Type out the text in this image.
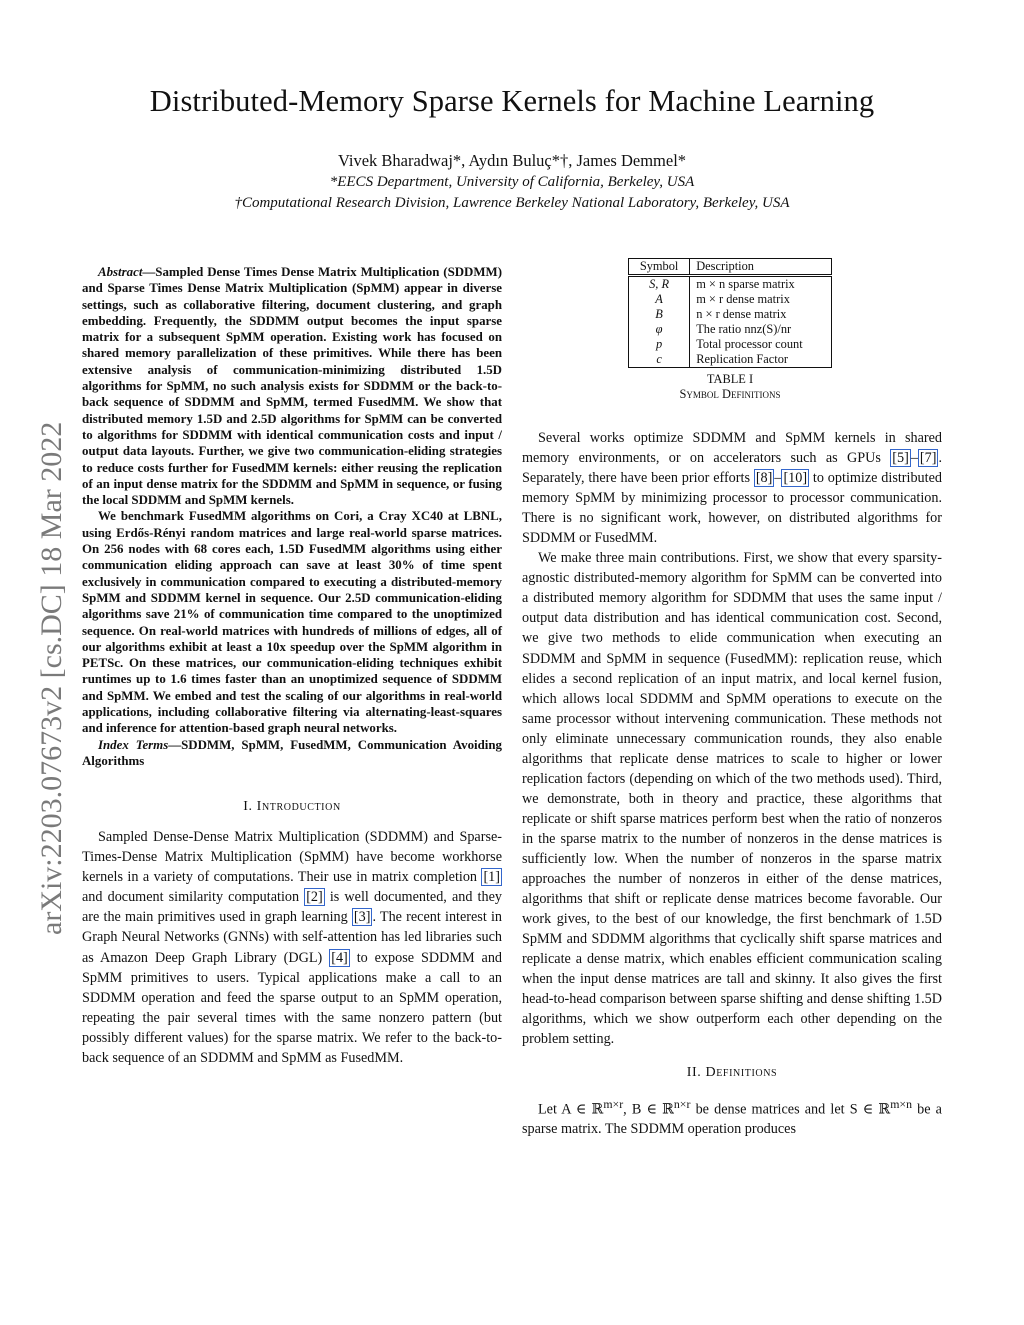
Distributed-Memory Sparse Kernels for Machine Learning
Vivek Bharadwaj*, Aydın Buluç*†, James Demmel*
*EECS Department, University of California, Berkeley, USA
†Computational Research Division, Lawrence Berkeley National Laboratory, Berkeley, USA
arXiv:2203.07673v2 [cs.DC] 18 Mar 2022

Abstract—Sampled Dense Times Dense Matrix Multiplication (SDDMM) and Sparse Times Dense Matrix Multiplication (SpMM) appear in diverse settings, such as collaborative filtering, document clustering, and graph embedding. Frequently, the SDDMM output becomes the input sparse matrix for a subsequent SpMM operation. Existing work has focused on shared memory parallelization of these primitives. While there has been extensive analysis of communication-minimizing distributed 1.5D algorithms for SpMM, no such analysis exists for SDDMM or the back-to-back sequence of SDDMM and SpMM, termed FusedMM. We show that distributed memory 1.5D and 2.5D algorithms for SpMM can be converted to algorithms for SDDMM with identical communication costs and input / output data layouts. Further, we give two communication-eliding strategies to reduce costs further for FusedMM kernels: either reusing the replication of an input dense matrix for the SDDMM and SpMM in sequence, or fusing the local SDDMM and SpMM kernels.

We benchmark FusedMM algorithms on Cori, a Cray XC40 at LBNL, using Erdős-Rényi random matrices and large real-world sparse matrices. On 256 nodes with 68 cores each, 1.5D FusedMM algorithms using either communication eliding approach can save at least 30% of time spent exclusively in communication compared to executing a distributed-memory SpMM and SDDMM kernel in sequence. Our 2.5D communication-eliding algorithms save 21% of communication time compared to the unoptimized sequence. On real-world matrices with hundreds of millions of edges, all of our algorithms exhibit at least a 10x speedup over the SpMM algorithm in PETSc. On these matrices, our communication-eliding techniques exhibit runtimes up to 1.6 times faster than an unoptimized sequence of SDDMM and SpMM. We embed and test the scaling of our algorithms in real-world applications, including collaborative filtering via alternating-least-squares and inference for attention-based graph neural networks.

Index Terms—SDDMM, SpMM, FusedMM, Communication Avoiding Algorithms

I. Introduction

Sampled Dense-Dense Matrix Multiplication (SDDMM) and Sparse-Times-Dense Matrix Multiplication (SpMM) have become workhorse kernels in a variety of computations. Their use in matrix completion [1] and document similarity computation [2] is well documented, and they are the main primitives used in graph learning [3] . The recent interest in Graph Neural Networks (GNNs) with self-attention has led libraries such as Amazon Deep Graph Library (DGL) [4] to expose SDDMM and SpMM primitives to users. Typical applications make a call to an SDDMM operation and feed the sparse output to an SpMM operation, repeating the pair several times with the same nonzero pattern (but possibly different values) for the sparse matrix. We refer to the back-to-back sequence of an SDDMM and SpMM as FusedMM.

Symbol	Description
S, R	m × n sparse matrix
A	m × r dense matrix
B	n × r dense matrix
φ	The ratio nnz(S)/nr
p	Total processor count
c	Replication Factor
TABLE I
Symbol Definitions

Several works optimize SDDMM and SpMM kernels in shared memory environments, or on accelerators such as GPUs [5] – [7] . Separately, there have been prior efforts [8] – [10] to optimize distributed memory SpMM by minimizing processor to processor communication. There is no significant work, however, on distributed algorithms for SDDMM or FusedMM.

We make three main contributions. First, we show that every sparsity-agnostic distributed-memory algorithm for SpMM can be converted into a distributed memory algorithm for SDDMM that uses the same input / output data distribution and has identical communication cost. Second, we give two methods to elide communication when executing an SDDMM and SpMM in sequence (FusedMM): replication reuse, which elides a second replication of an input matrix, and local kernel fusion, which allows local SDDMM and SpMM operations to execute on the same processor without intervening communication. These methods not only eliminate unnecessary communication rounds, they also enable algorithms that replicate dense matrices to scale to higher or lower replication factors (depending on which of the two methods used). Third, we demonstrate, both in theory and practice, these algorithms that replicate or shift sparse matrices perform best when the ratio of nonzeros in the sparse matrix to the number of nonzeros in the dense matrices is sufficiently low. When the number of nonzeros in the sparse matrix approaches the number of nonzeros in either of the dense matrices, algorithms that shift or replicate dense matrices become favorable. Our work gives, to the best of our knowledge, the first benchmark of 1.5D SpMM and SDDMM algorithms that cyclically shift sparse matrices and replicate a dense matrix, which enables efficient communication scaling when the input dense matrices are tall and skinny. It also gives the first head-to-head comparison between sparse shifting and dense shifting 1.5D algorithms, which we show outperform each other depending on the problem setting.

II. Definitions

Let A ∈ ℝ$^{m\times r}$, B ∈ ℝ$^{n\times r}$ be dense matrices and let S ∈ ℝ$^{m\times n}$ be a sparse matrix. The SDDMM operation produces
